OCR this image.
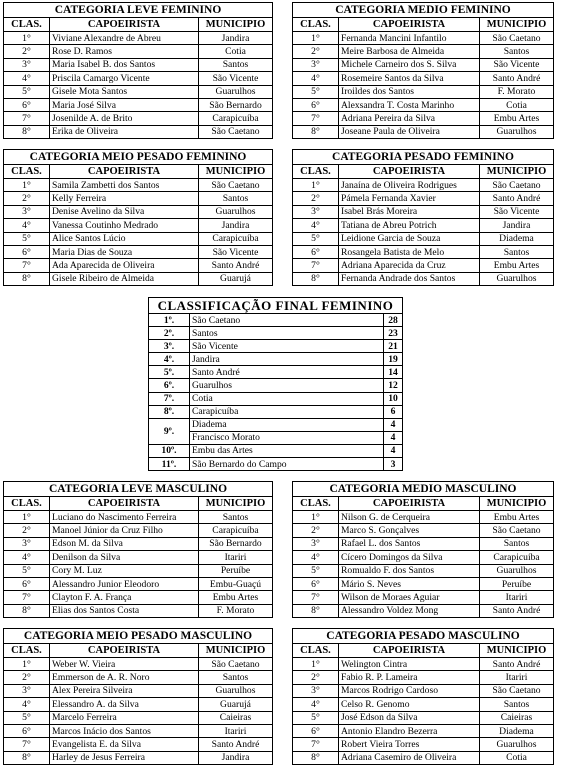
CATEGORIA LEVE FEMININO		
CLAS.	CAPOEIRISTA	MUNICIPIO
1°	Viviane Alexandre de Abreu	Jandira
2°	Rose D. Ramos	Cotia
3°	Maria Isabel B. dos Santos	Santos
4°	Priscila Camargo Vicente	São Vicente
5°	Gisele Mota Santos	Guarulhos
6°	Maria José Silva	São Bernardo
7°	Josenilde A. de Brito	Carapicuíba
8°	Erika de Oliveira	São Caetano
CATEGORIA MEDIO FEMININO		
CLAS.	CAPOEIRISTA	MUNICIPIO
1°	Fernanda Mancini Infantilo	São Caetano
2°	Meire Barbosa de Almeida	Santos
3°	Michele Carneiro dos S. Silva	São Vicente
4°	Rosemeire Santos da Silva	Santo André
5°	Iroildes dos Santos	F. Morato
6°	Alexsandra T. Costa Marinho	Cotia
7°	Adriana Pereira da Silva	Embu Artes
8°	Joseane Paula de Oliveira	Guarulhos
CATEGORIA MEIO PESADO FEMININO		
CLAS.	CAPOEIRISTA	MUNICIPIO
1°	Samila Zambetti dos Santos	São Caetano
2°	Kelly Ferreira	Santos
3°	Denise Avelino da Silva	Guarulhos
4°	Vanessa Coutinho Medrado	Jandira
5°	Alice Santos Lúcio	Carapicuíba
6°	Maria Dias de Souza	São Vicente
7°	Ada Aparecida de Oliveira	Santo André
8°	Gisele Ribeiro de Almeida	Guarujá
CATEGORIA PESADO FEMININO		
CLAS.	CAPOEIRISTA	MUNICIPIO
1°	Janaína de Oliveira Rodrigues	São Caetano
2°	Pámela Fernanda Xavier	Santo André
3°	Isabel Brás Moreira	São Vicente
4°	Tatiana de Abreu Potrich	Jandira
5°	Leidione Garcia de Souza	Diadema
6°	Rosangela Batista de Melo	Santos
7°	Adriana Aparecida da Cruz	Embu Artes
8°	Fernanda Andrade dos Santos	Guarulhos
CLASSIFICAÇÃO FINAL FEMININO		
1º.	São Caetano	28
2º.	Santos	23
3º.	São Vicente	21
4º.	Jandira	19
5º.	Santo André	14
6º.	Guarulhos	12
7º.	Cotia	10
8º.	Carapicuíba	6
9º.	Diadema	4
	Francisco Morato	4
10º.	Embu das Artes	4
11º.	São Bernardo do Campo	3
CATEGORIA LEVE MASCULINO		
CLAS.	CAPOEIRISTA	MUNICIPIO
1°	Luciano do Nascimento Ferreira	Santos
2°	Manoel Júnior da Cruz Filho	Carapicuíba
3°	Edson M. da Silva	São Bernardo
4°	Denilson da Silva	Itariri
5°	Cory M. Luz	Peruíbe
6°	Alessandro Junior Eleodoro	Embu-Guaçú
7°	Clayton F. A. França	Embu Artes
8°	Elias dos Santos Costa	F. Morato
CATEGORIA MEDIO MASCULINO		
CLAS.	CAPOEIRISTA	MUNICIPIO
1°	Nilson G. de Cerqueira	Embu Artes
2°	Marco S. Gonçalves	São Caetano
3°	Rafael L. dos Santos	Santos
4°	Cícero Domingos da Silva	Carapicuíba
5°	Romualdo F. dos Santos	Guarulhos
6°	Mário S. Neves	Peruíbe
7°	Wilson de Moraes Aguiar	Itariri
8°	Alessandro Voldez Mong	Santo André
CATEGORIA MEIO PESADO MASCULINO		
CLAS.	CAPOEIRISTA	MUNICIPIO
1°	Weber W. Vieira	São Caetano
2°	Emmerson de A. R. Noro	Santos
3°	Alex Pereira Silveira	Guarulhos
4°	Elessandro A. da Silva	Guarujá
5°	Marcelo Ferreira	Caieiras
6°	Marcos Inácio dos Santos	Itariri
7°	Evangelista E. da Silva	Santo André
8°	Harley de Jesus Ferreira	Jandira
CATEGORIA PESADO MASCULINO		
CLAS.	CAPOEIRISTA	MUNICIPIO
1°	Welington Cintra	Santo André
2°	Fabio R. P. Lameira	Itariri
3°	Marcos Rodrigo Cardoso	São Caetano
4°	Celso R. Genomo	Santos
5°	José Edson da Silva	Caieiras
6°	Antonio Elandro Bezerra	Diadema
7°	Robert Vieira Torres	Guarulhos
8°	Adriana Casemiro de Oliveira	Cotia
